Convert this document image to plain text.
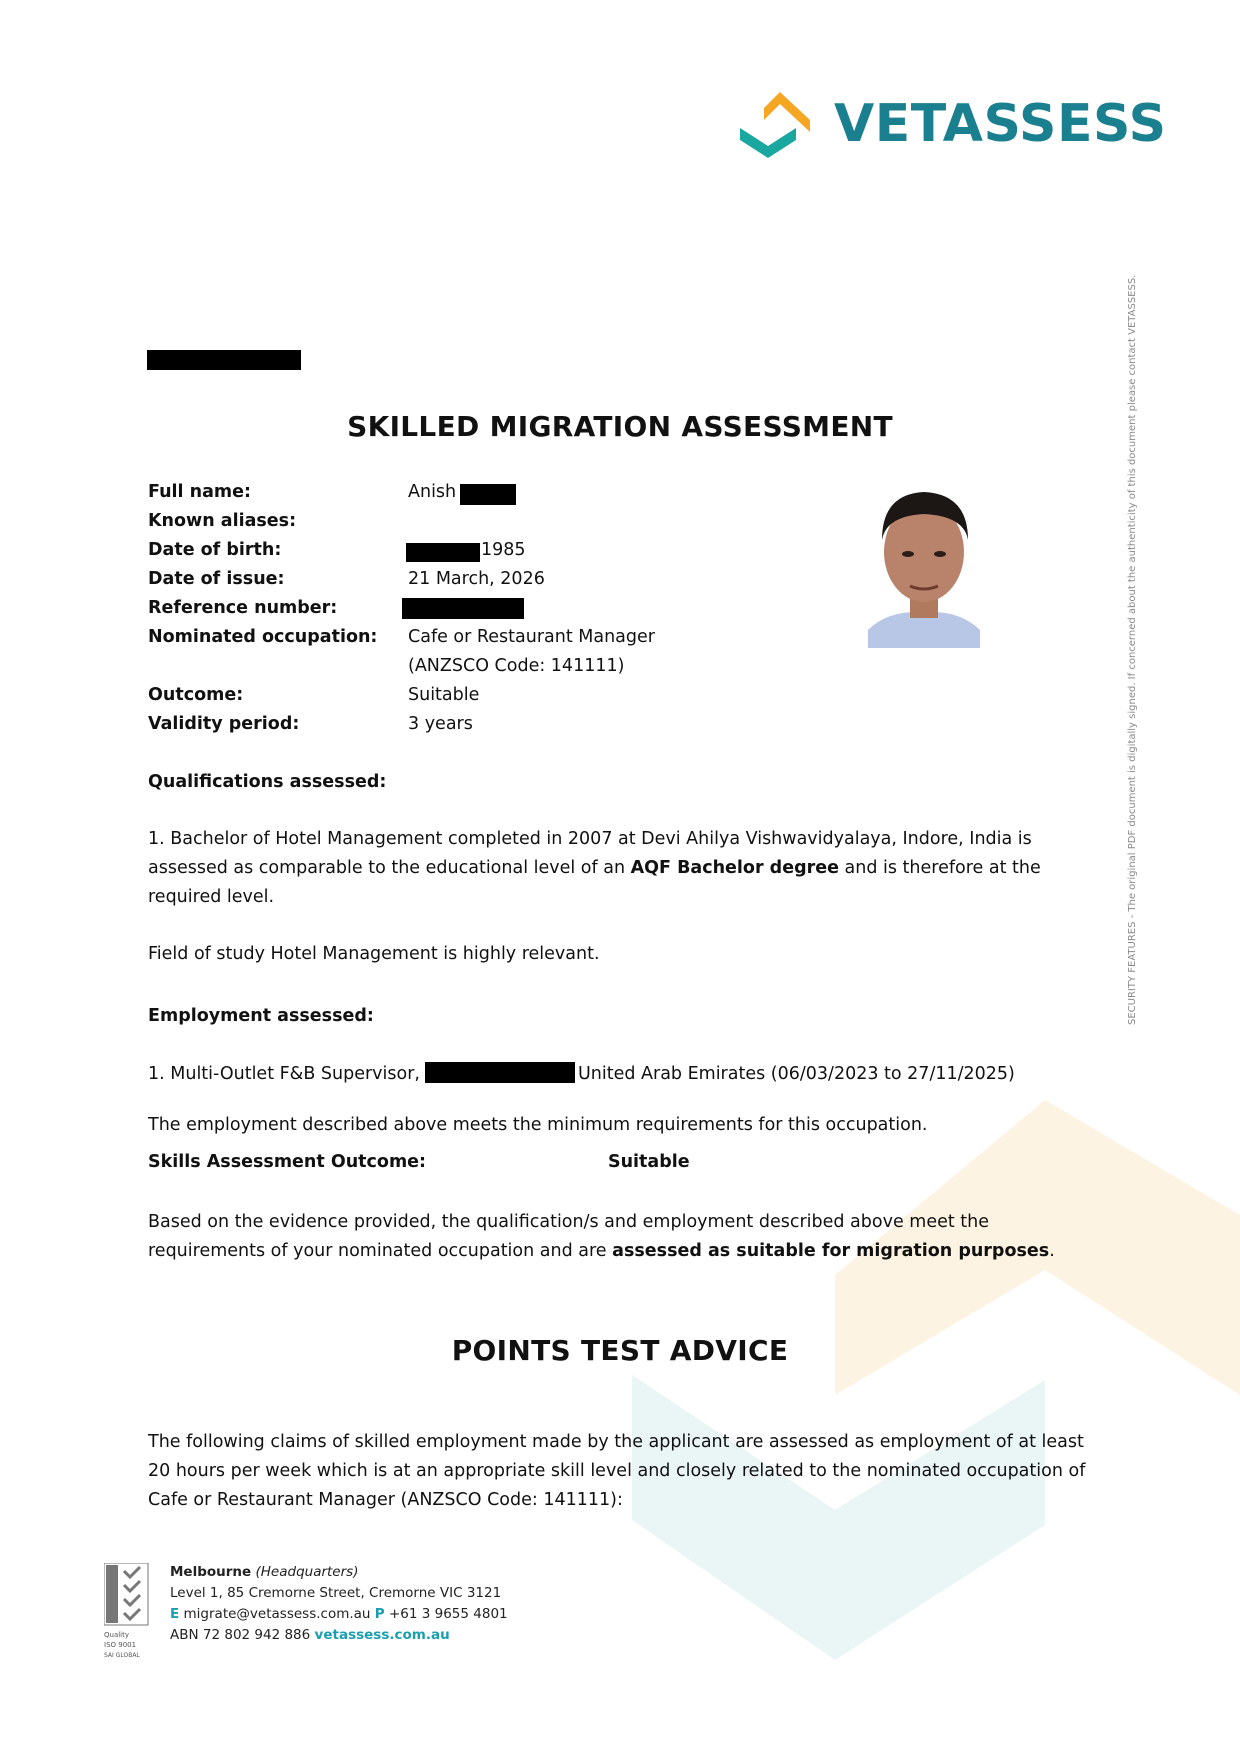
VETASSESS
SECURITY FEATURES - The original PDF document is digitally signed. If concerned about the authenticity of this document please contact VETASSESS.
SKILLED MIGRATION ASSESSMENT
Full name:	Anish
Known aliases:
Date of birth:	1985
Date of issue:	21 March, 2026
Reference number:
Nominated occupation: Cafe or Restaurant Manager
(ANZSCO Code: 141111)
Outcome:	Suitable
Validity period:	3 years
Qualifications assessed:
1. Bachelor of Hotel Management completed in 2007 at Devi Ahilya Vishwavidyalaya, Indore, India is assessed as comparable to the educational level of an AQF Bachelor degree and is therefore at the required level.
Field of study Hotel Management is highly relevant.
Employment assessed:
1. Multi-Outlet F&B Supervisor,	United Arab Emirates (06/03/2023 to 27/11/2025)
The employment described above meets the minimum requirements for this occupation.
Skills Assessment Outcome:	Suitable
Based on the evidence provided, the qualification/s and employment described above meet the requirements of your nominated occupation and are assessed as suitable for migration purposes.
POINTS TEST ADVICE
The following claims of skilled employment made by the applicant are assessed as employment of at least 20 hours per week which is at an appropriate skill level and closely related to the nominated occupation of Cafe or Restaurant Manager (ANZSCO Code: 141111):
Quality
ISO 9001
SAI GLOBAL
Melbourne (Headquarters)
Level 1, 85 Cremorne Street, Cremorne VIC 3121
E migrate@vetassess.com.au P +61 3 9655 4801
ABN 72 802 942 886 vetassess.com.au
